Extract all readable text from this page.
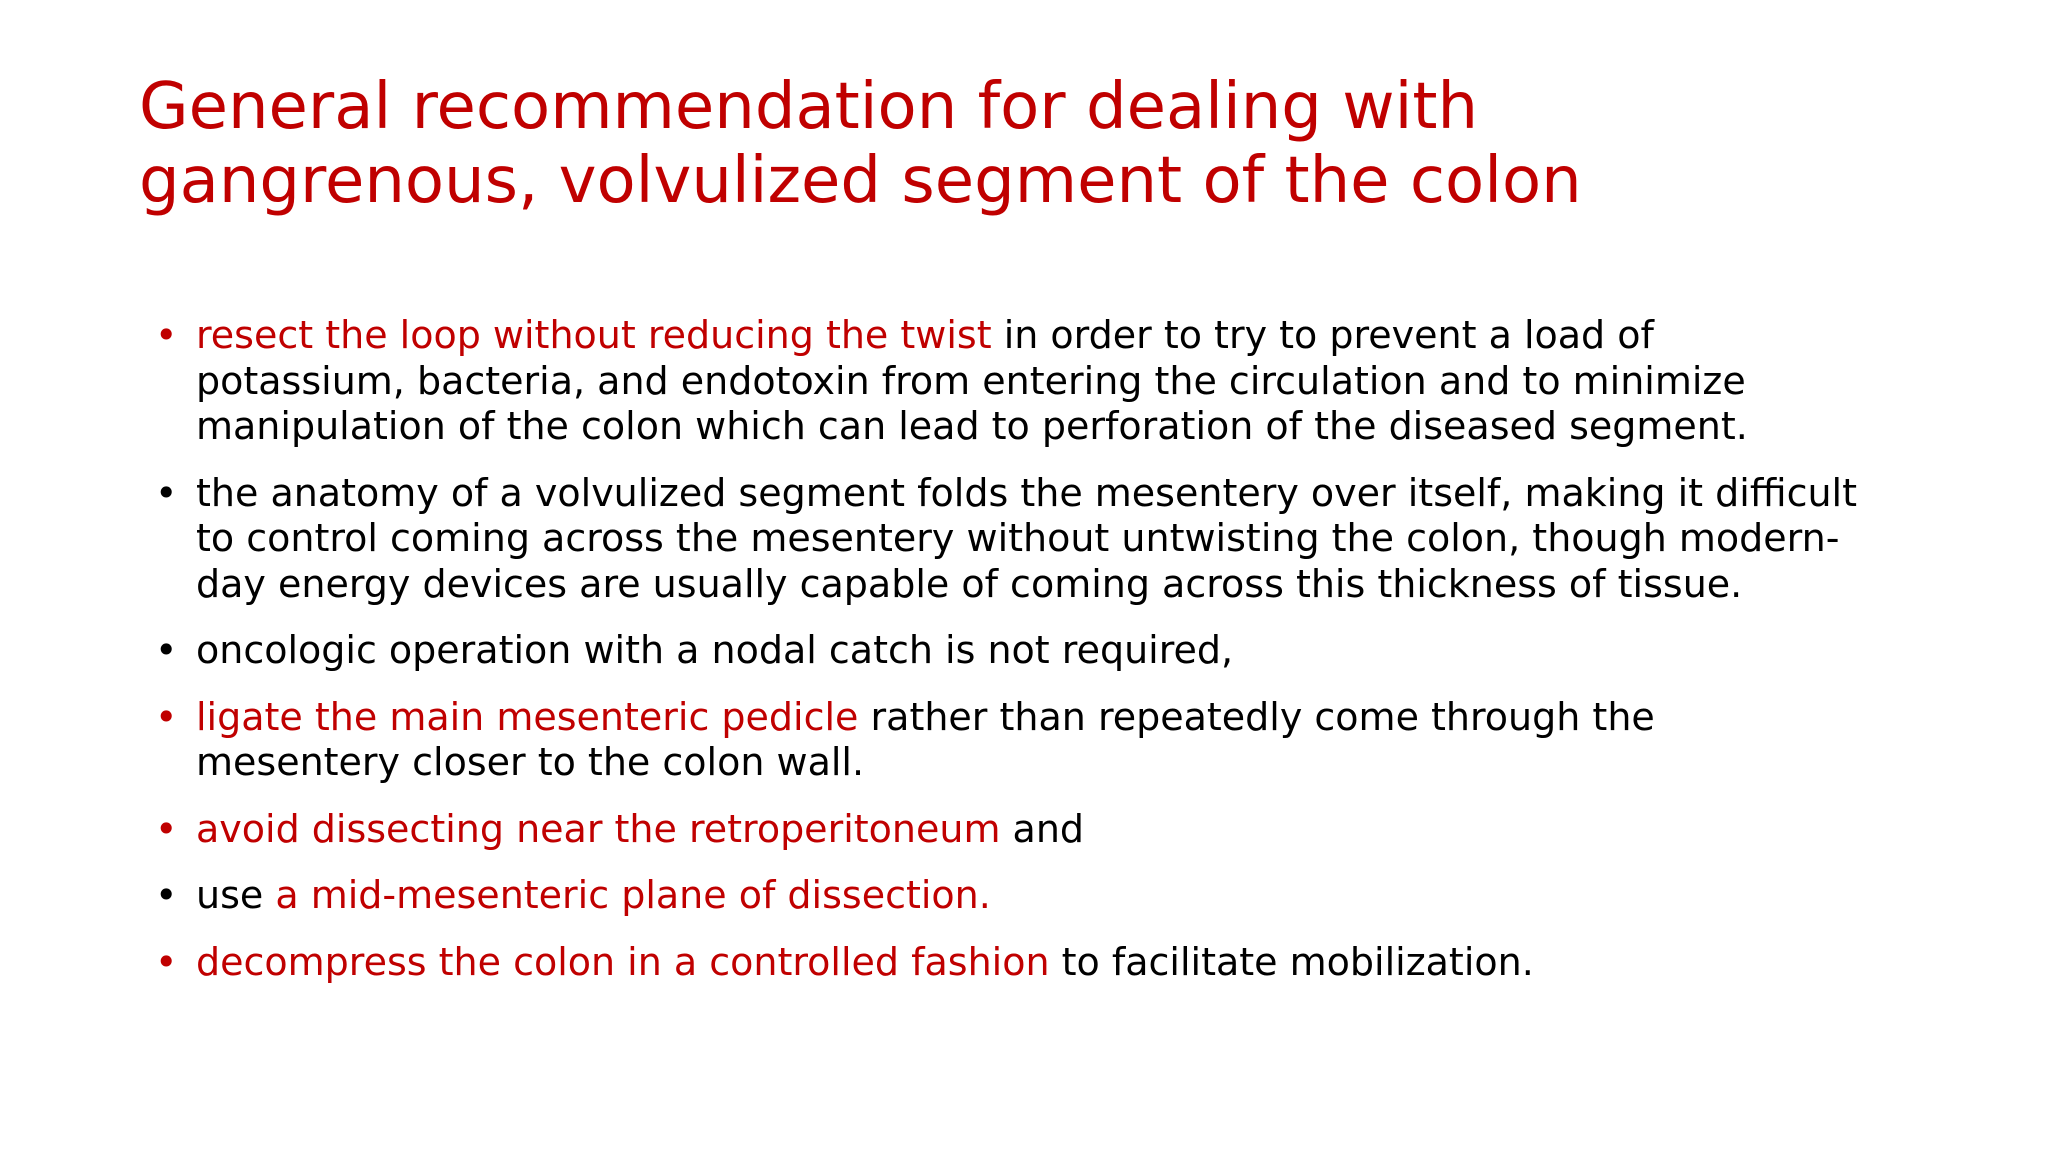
General recommendation for dealing with
gangrenous, volvulized segment of the colon
• resect the loop without reducing the twist in order to try to prevent a load of
potassium, bacteria, and endotoxin from entering the circulation and to minimize
manipulation of the colon which can lead to perforation of the diseased segment.
• the anatomy of a volvulized segment folds the mesentery over itself, making it difficult
to control coming across the mesentery without untwisting the colon, though modern-
day energy devices are usually capable of coming across this thickness of tissue.
• oncologic operation with a nodal catch is not required,
• ligate the main mesenteric pedicle rather than repeatedly come through the
mesentery closer to the colon wall.
• avoid dissecting near the retroperitoneum and
• use a mid-mesenteric plane of dissection.
• decompress the colon in a controlled fashion to facilitate mobilization.
